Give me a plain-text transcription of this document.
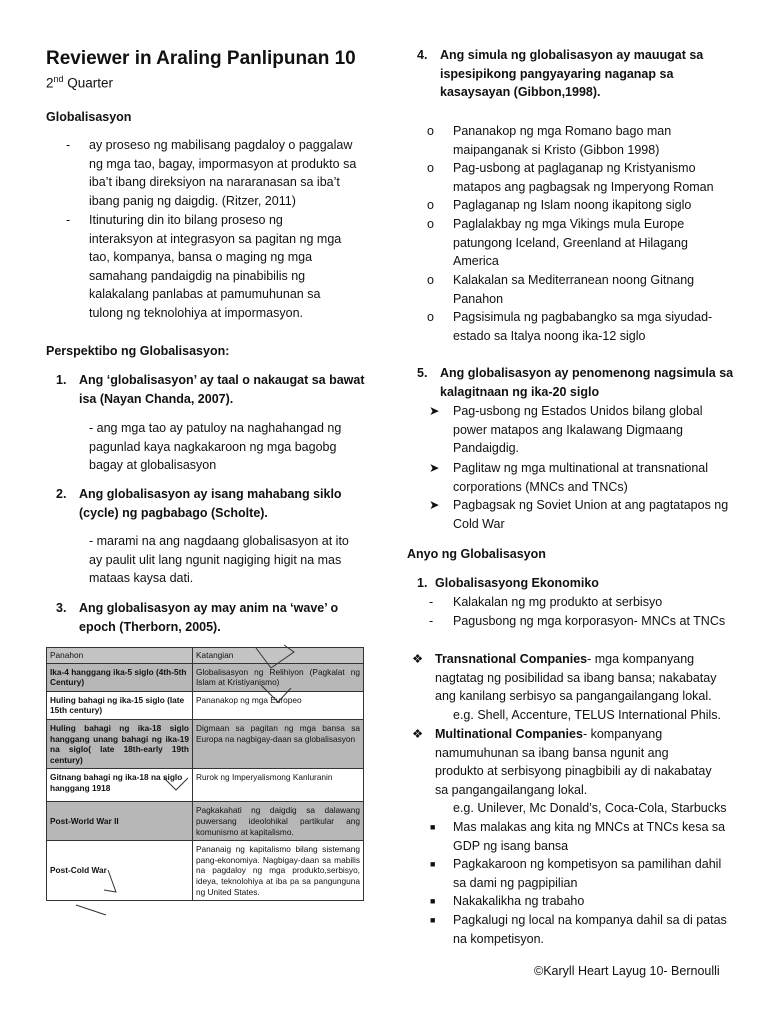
Reviewer in Araling Panlipunan 10
2nd Quarter
Globalisasyon
- ay proseso ng mabilisang pagdaloy o paggalaw
ng mga tao, bagay, impormasyon at produkto sa
iba’t ibang direksiyon na nararanasan sa iba’t
ibang panig ng daigdig. (Ritzer, 2011)
- Itinuturing din ito bilang proseso ng
interaksyon at integrasyon sa pagitan ng mga
tao, kompanya, bansa o maging ng mga
samahang pandaigdig na pinabibilis ng
kalakalang panlabas at pamumuhunan sa
tulong ng teknolohiya at impormasyon.
Perspektibo ng Globalisasyon:
1. Ang ‘globalisasyon’ ay taal o nakaugat sa bawat
isa (Nayan Chanda, 2007).
- ang mga tao ay patuloy na naghahangad ng
pagunlad kaya nagkakaroon ng mga bagobg
bagay at globalisasyon
2. Ang globalisasyon ay isang mahabang siklo
(cycle) ng pagbabago (Scholte).
- marami na ang nagdaang globalisasyon at ito
ay paulit ulit lang ngunit nagiging higit na mas
mataas kaysa dati.
3. Ang globalisasyon ay may anim na ‘wave’ o
epoch (Therborn, 2005).
Panahon	Katangian
Ika-4 hanggang ika-5 siglo (4th-5th Century)	Globalisasyon ng Relihiyon (Pagkalat ng Islam at Kristiyanismo)
Huling bahagi ng ika-15 siglo (late 15th century)	Pananakop ng mga Europeo
Huling bahagi ng ika-18 siglo hanggang unang bahagi ng ika-19 na siglo( late 18th-early 19th century)	Digmaan sa pagitan ng mga bansa sa Europa na nagbigay-daan sa globalisasyon
Gitnang bahagi ng ika-18 na siglo hanggang 1918	Rurok ng Imperyalismong Kanluranin
Post-World War II	Pagkakahati ng daigdig sa dalawang puwersang ideolohikal partikular ang komunismo at kapitalismo.
Post-Cold War	Pananaig ng kapitalismo bilang sistemang pang-ekonomiya. Nagbigay-daan sa mabilis na pagdaloy ng mga produkto,serbisyo, ideya, teknolohiya at iba pa sa pangunguna ng United States.
4. Ang simula ng globalisasyon ay mauugat sa
ispesipikong pangyayaring naganap sa
kasaysayan (Gibbon,1998).
o Pananakop ng mga Romano bago man
maipanganak si Kristo (Gibbon 1998)
o Pag-usbong at paglaganap ng Kristyanismo
matapos ang pagbagsak ng Imperyong Roman
o Paglaganap ng Islam noong ikapitong siglo
o Paglalakbay ng mga Vikings mula Europe
patungong Iceland, Greenland at Hilagang
America
o Kalakalan sa Mediterranean noong Gitnang
Panahon
o Pagsisimula ng pagbabangko sa mga siyudad-
estado sa Italya noong ika-12 siglo
5. Ang globalisasyon ay penomenong nagsimula sa
kalagitnaan ng ika-20 siglo
➤ Pag-usbong ng Estados Unidos bilang global
power matapos ang Ikalawang Digmaang
Pandaigdig.
➤ Paglitaw ng mga multinational at transnational
corporations (MNCs and TNCs)
➤ Pagbagsak ng Soviet Union at ang pagtatapos ng
Cold War
Anyo ng Globalisasyon
1. Globalisasyong Ekonomiko
- Kalakalan ng mg produkto at serbisyo
- Pagusbong ng mga korporasyon- MNCs at TNCs
❖ Transnational Companies- mga kompanyang
nagtatag ng posibilidad sa ibang bansa; nakabatay
ang kanilang serbisyo sa pangangailangang lokal.
e.g. Shell, Accenture, TELUS International Phils.
❖ Multinational Companies- kompanyang
namumuhunan sa ibang bansa ngunit ang
produkto at serbisyong pinagbibili ay di nakabatay
sa pangangailangang lokal.
e.g. Unilever, Mc Donald’s, Coca-Cola, Starbucks
■ Mas malakas ang kita ng MNCs at TNCs kesa sa
GDP ng isang bansa
■ Pagkakaroon ng kompetisyon sa pamilihan dahil
sa dami ng pagpipilian
■ Nakakalikha ng trabaho
■ Pagkalugi ng local na kompanya dahil sa di patas
na kompetisyon.
©Karyll Heart Layug 10- Bernoulli
